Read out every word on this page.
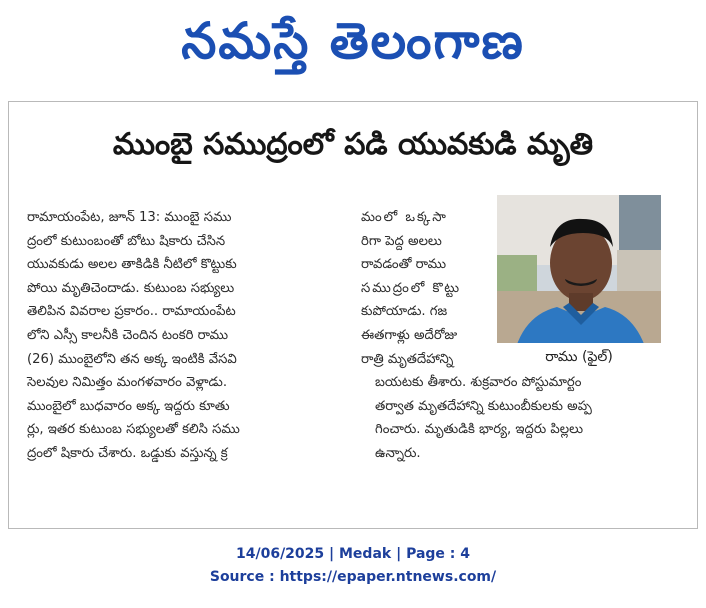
నమస్తే తెలంగాణ
ముంబై సముద్రంలో పడి యువకుడి మృతి
రామాయంపేట, జూన్ 13: ముంబై సము
ద్రంలో కుటుంబంతో బోటు షికారు చేసిన
యువకుడు అలల తాకిడికి నీటిలో కొట్టుకు
పోయి మృతిచెందాడు. కుటుంబ సభ్యులు
తెలిపిన వివరాల ప్రకారం.. రామాయంపేట
లోని ఎస్సీ కాలనీకి చెందిన టంకరి రాము
(26) ముంబైలోని తన అక్క ఇంటికి వేసవి
సెలవుల నిమిత్తం మంగళవారం వెళ్లాడు.
ముంబైలో బుధవారం అక్క ఇద్దరు కూతు
ర్లు, ఇతర కుటుంబ సభ్యులతో కలిసి సము
ద్రంలో షికారు చేశారు. ఒడ్డుకు వస్తున్న క్ర
మంలో ఒక్కసా
రిగా పెద్ద అలలు
రావడంతో రాము
సముద్రంలో కొట్టు
కుపోయాడు. గజ
ఈతగాళ్లు అదేరోజు
రాత్రి మృతదేహాన్ని	రాము (ఫైల్)
బయటకు తీశారు. శుక్రవారం పోస్టుమార్టం
తర్వాత మృతదేహాన్ని కుటుంబీకులకు అప్ప
గించారు. మృతుడికి భార్య, ఇద్దరు పిల్లలు
ఉన్నారు.
14/06/2025 | Medak | Page : 4
Source : https://epaper.ntnews.com/
